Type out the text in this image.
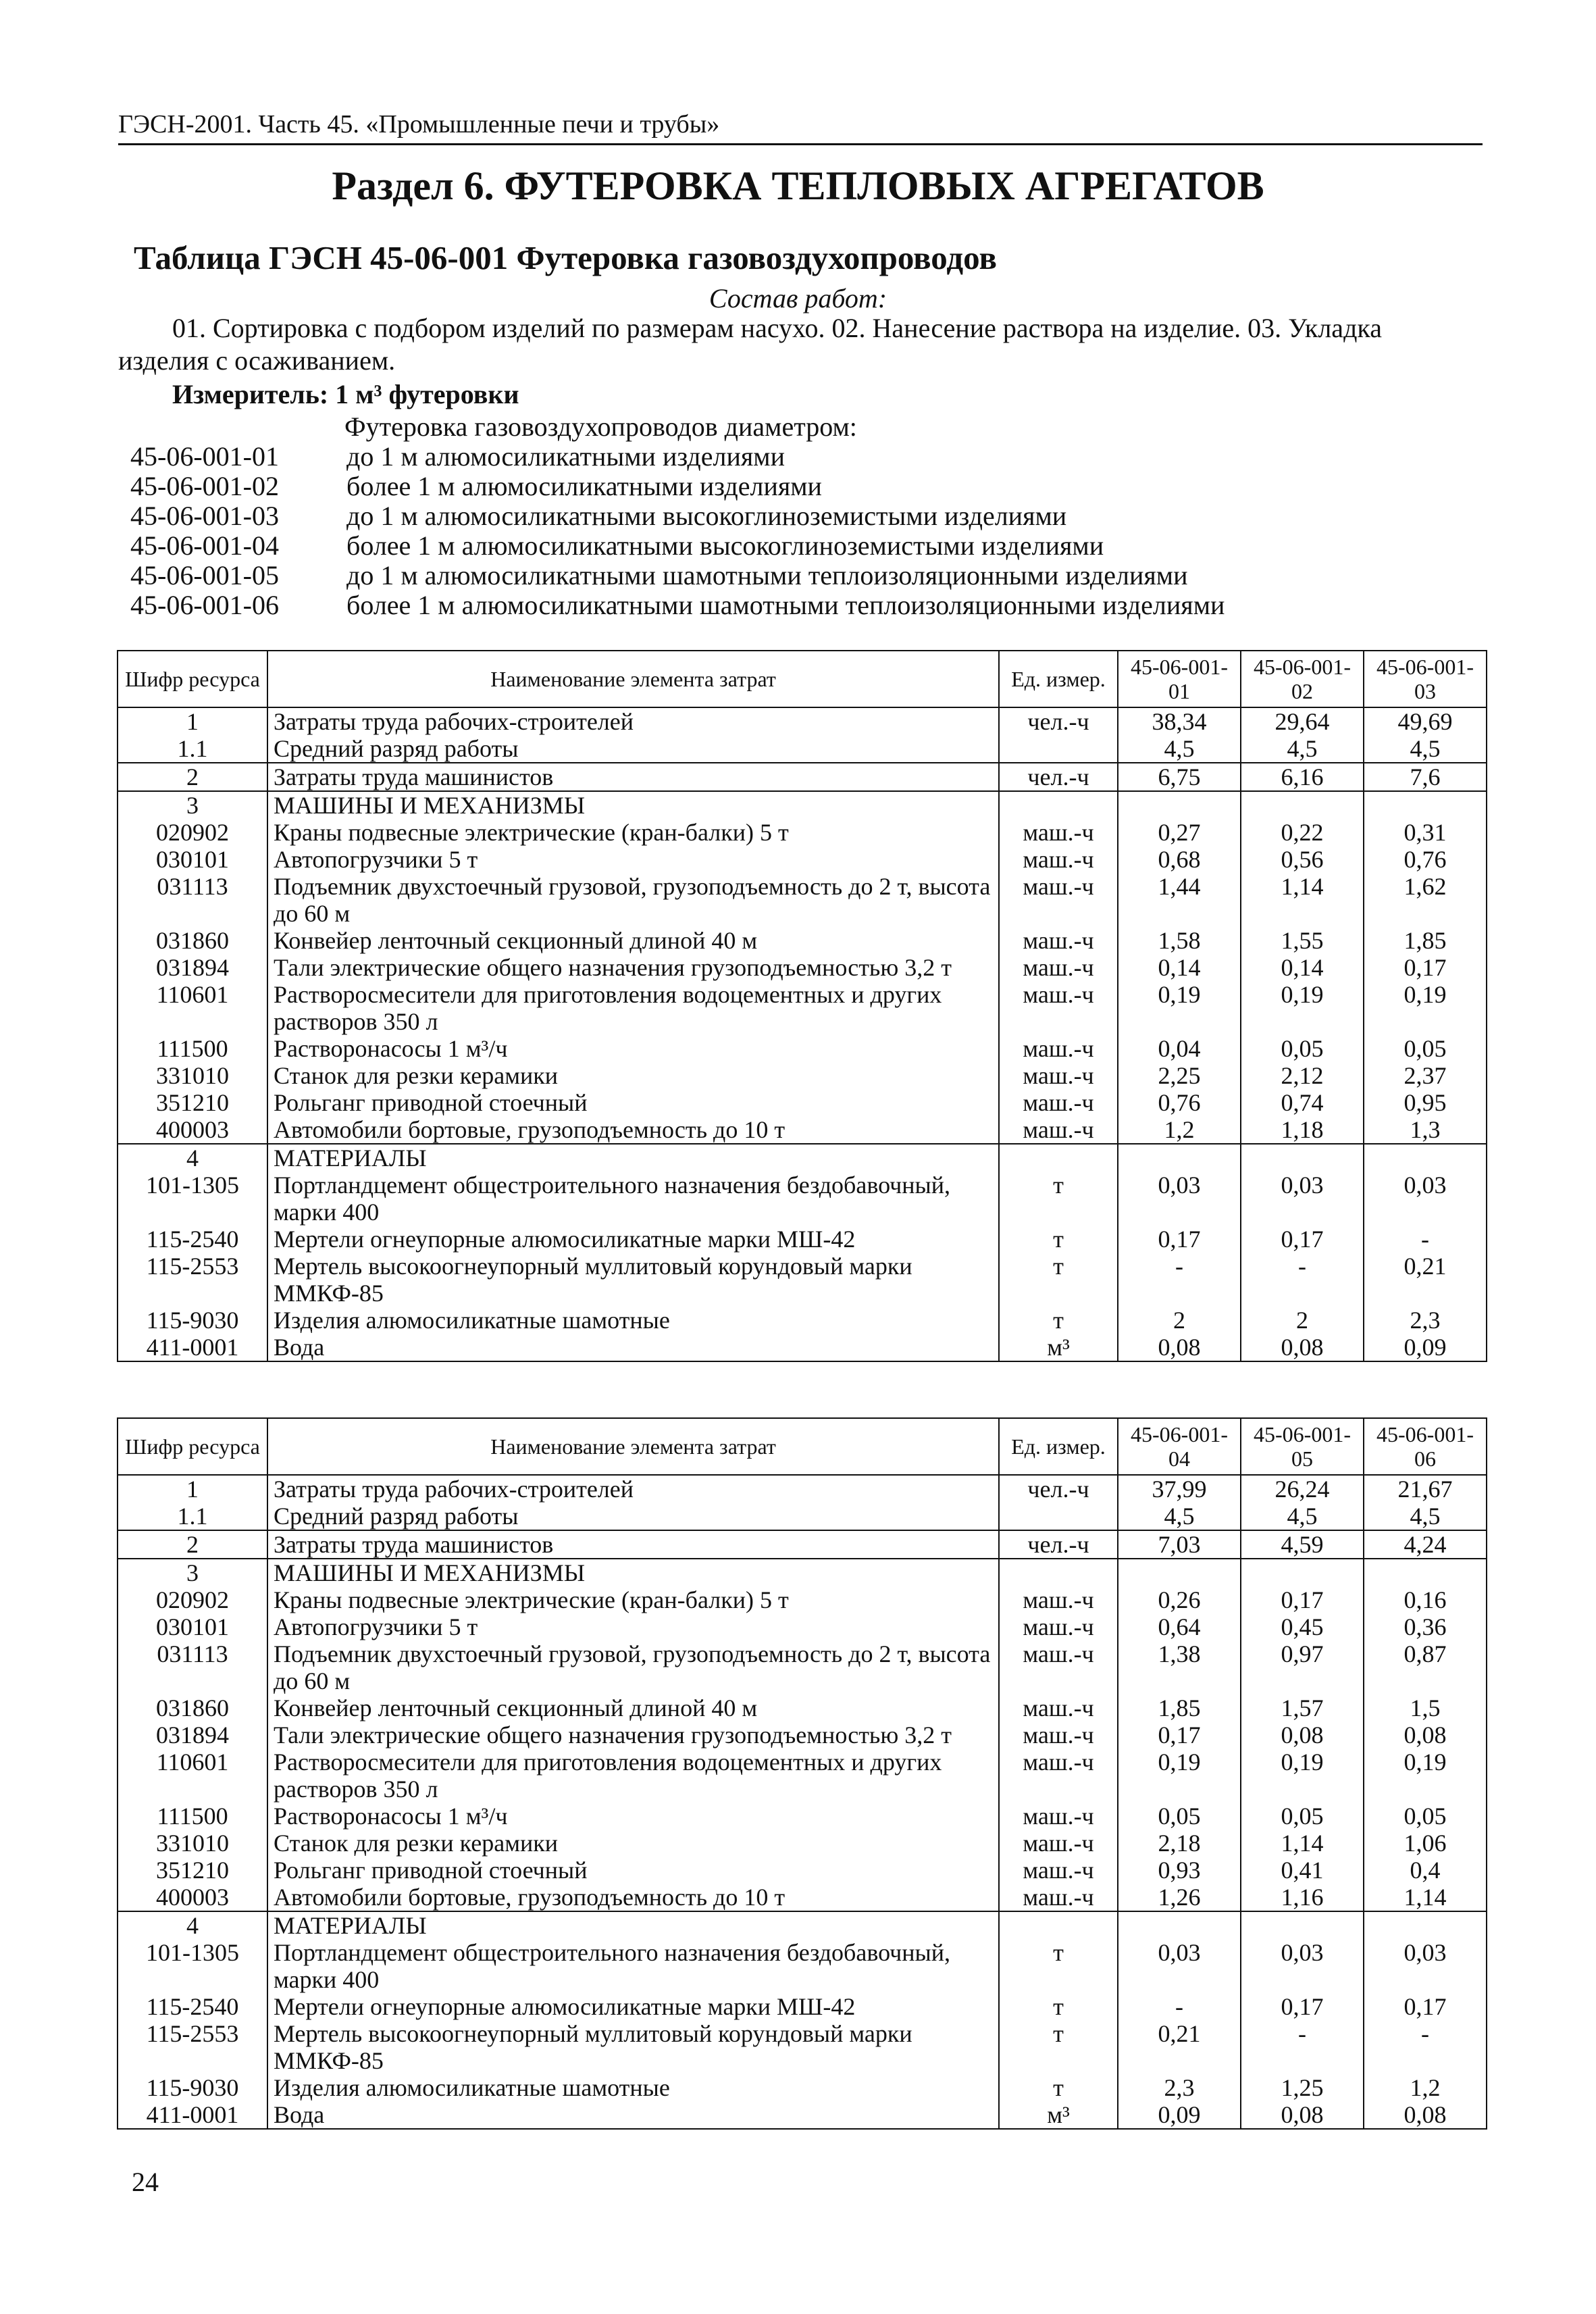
ГЭСН-2001. Часть 45. «Промышленные печи и трубы»
Раздел 6. ФУТЕРОВКА ТЕПЛОВЫХ АГРЕГАТОВ
Таблица ГЭСН 45-06-001 Футеровка газовоздухопроводов
Состав работ:
01. Сортировка с подбором изделий по размерам насухо. 02. Нанесение раствора на изделие. 03. Укладка изделия с осаживанием.
Измеритель: 1 м³ футеровки
Футеровка газовоздухопроводов диаметром:
45-06-001-01	до 1 м алюмосиликатными изделиями
45-06-001-02	более 1 м алюмосиликатными изделиями
45-06-001-03	до 1 м алюмосиликатными высокоглиноземистыми изделиями
45-06-001-04	более 1 м алюмосиликатными высокоглиноземистыми изделиями
45-06-001-05	до 1 м алюмосиликатными шамотными теплоизоляционными изделиями
45-06-001-06	более 1 м алюмосиликатными шамотными теплоизоляционными изделиями
Шифр ресурса	Наименование элемента затрат	Ед. измер.	45-06-001-01	45-06-001-02	45-06-001-03
1	Затраты труда рабочих-строителей	чел.-ч	38,34	29,64	49,69
1.1	Средний разряд работы		4,5	4,5	4,5
2	Затраты труда машинистов	чел.-ч	6,75	6,16	7,6
3	МАШИНЫ И МЕХАНИЗМЫ				
020902	Краны подвесные электрические (кран-балки) 5 т	маш.-ч	0,27	0,22	0,31
030101	Автопогрузчики 5 т	маш.-ч	0,68	0,56	0,76
031113	Подъемник двухстоечный грузовой, грузоподъемность до 2 т, высота до 60 м	маш.-ч	1,44	1,14	1,62
031860	Конвейер ленточный секционный длиной 40 м	маш.-ч	1,58	1,55	1,85
031894	Тали электрические общего назначения грузоподъемностью 3,2 т	маш.-ч	0,14	0,14	0,17
110601	Растворосмесители для приготовления водоцементных и других растворов 350 л	маш.-ч	0,19	0,19	0,19
111500	Растворонасосы 1 м³/ч	маш.-ч	0,04	0,05	0,05
331010	Станок для резки керамики	маш.-ч	2,25	2,12	2,37
351210	Рольганг приводной стоечный	маш.-ч	0,76	0,74	0,95
400003	Автомобили бортовые, грузоподъемность до 10 т	маш.-ч	1,2	1,18	1,3
4	МАТЕРИАЛЫ				
101-1305	Портландцемент общестроительного назначения бездобавочный, марки 400	т	0,03	0,03	0,03
115-2540	Мертели огнеупорные алюмосиликатные марки МШ-42	т	0,17	0,17	-
115-2553	Мертель высокоогнеупорный муллитовый корундовый марки ММКФ-85	т	-	-	0,21
115-9030	Изделия алюмосиликатные шамотные	т	2	2	2,3
411-0001	Вода	м³	0,08	0,08	0,09
Шифр ресурса	Наименование элемента затрат	Ед. измер.	45-06-001-04	45-06-001-05	45-06-001-06
1	Затраты труда рабочих-строителей	чел.-ч	37,99	26,24	21,67
1.1	Средний разряд работы		4,5	4,5	4,5
2	Затраты труда машинистов	чел.-ч	7,03	4,59	4,24
3	МАШИНЫ И МЕХАНИЗМЫ				
020902	Краны подвесные электрические (кран-балки) 5 т	маш.-ч	0,26	0,17	0,16
030101	Автопогрузчики 5 т	маш.-ч	0,64	0,45	0,36
031113	Подъемник двухстоечный грузовой, грузоподъемность до 2 т, высота до 60 м	маш.-ч	1,38	0,97	0,87
031860	Конвейер ленточный секционный длиной 40 м	маш.-ч	1,85	1,57	1,5
031894	Тали электрические общего назначения грузоподъемностью 3,2 т	маш.-ч	0,17	0,08	0,08
110601	Растворосмесители для приготовления водоцементных и других растворов 350 л	маш.-ч	0,19	0,19	0,19
111500	Растворонасосы 1 м³/ч	маш.-ч	0,05	0,05	0,05
331010	Станок для резки керамики	маш.-ч	2,18	1,14	1,06
351210	Рольганг приводной стоечный	маш.-ч	0,93	0,41	0,4
400003	Автомобили бортовые, грузоподъемность до 10 т	маш.-ч	1,26	1,16	1,14
4	МАТЕРИАЛЫ				
101-1305	Портландцемент общестроительного назначения бездобавочный, марки 400	т	0,03	0,03	0,03
115-2540	Мертели огнеупорные алюмосиликатные марки МШ-42	т	-	0,17	0,17
115-2553	Мертель высокоогнеупорный муллитовый корундовый марки ММКФ-85	т	0,21	-	-
115-9030	Изделия алюмосиликатные шамотные	т	2,3	1,25	1,2
411-0001	Вода	м³	0,09	0,08	0,08
24
